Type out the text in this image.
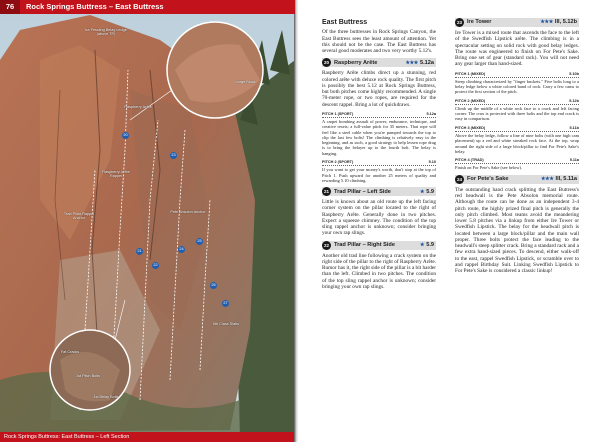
Ira Fessling Belay Ledge (above TP)
Large Block
Raspberry Arête
Raspberry Arête Rappel
Trad Pillar Rappel Anchor
Pete Absolon Anchor
5th Class Slabs
Fat Cracks
1st Pitch Bolts
1st Belay Bolts
20
21
22
23
24
25
26
27
Rock Springs Buttress: East Buttress – Left Section
76	Rock Springs Buttress – East Buttress
East Buttress

Of the three buttresses in Rock Springs Canyon, the East Buttress sees the least amount of attention. Yet this should not be the case. The East Buttress has several good moderates and two very worthy 5.12's.

20 Raspberry Arête	★★★ 5.12a

Raspberry Arête climbs direct up a stunning, red colored arête with deluxe rock quality. The first pitch is possibly the best 5.12 at Rock Springs Buttress, but both pitches come highly recommended. A single 70-meter rope, or two ropes, are required for the descent rappel. Bring a lot of quickdraws.

PITCH 1 (SPORT)	5.12a

A carpet bombing assault of power, endurance, technique, and creative resets; a full-value pitch for 35 meters. That rope will feel like a steel cable when you're pumped towards the top to clip the last few bolts! The climbing is relatively easy in the beginning, and as such, a good strategy to help lessen rope drag is to bring the belayer up to the fourth bolt. The belay is hanging.

PITCH 2 (SPORT)	5.10

If you want to get your money's worth, don't stop at the top of Pitch 1. Push upward for another 25 meters of quality and rewarding 5.10 climbing.

21 Trad Pillar – Left Side	★ 5.9

Little is known about an old route up the left facing corner system on the pillar located to the right of Raspberry Arête. Generally done in two pitches. Expect a squeeze chimney. The condition of the top sling rappel anchor is unknown; consider bringing your own rap slings.

22 Trad Pillar – Right Side	★ 5.9

Another old trad line following a crack system on the right side of the pillar to the right of Raspberry Arête. Rumor has it, the right side of the pillar is a bit harder than the left. Climbed in two pitches. The condition of the top sling rappel anchor is unknown; consider bringing your own rap slings.

23 Ire Tower	★★★ III, 5.12b

Ire Tower is a mixed route that ascends the face to the left of the Swedfish Lipstick arête. The climbing is in a spectacular setting on solid rock with good belay ledges. The route was engineered to finish on For Pete's Sake. Bring one set of gear (standard rack). You will not need any gear larger than hand-sized.

PITCH 1 (MIXED)	5.10b

Steep climbing characterized by "finger buckets." Five bolts long to a belay ledge below a white colored band of rock. Carry a few cams to protect the first section of the pitch.

PITCH 2 (MIXED)	5.12b

Climb up the middle of a white rock face to a crack and left facing corner. The crux is protected with three bolts and the top end crack is easy in comparison.

PITCH 3 (MIXED)	5.11b

Above the belay ledge, follow a line of nine bolts (with one high cam placement) up a red and white streaked rock face. At the top, wrap around the right side of a large block/pillar to find For Pete's Sake's belay.

PITCH 4 (TRAD)	5.11a

Finish on For Pete's Sake (see below).

24 For Pete's Sake	★★★ III, 5.11a

The outstanding hand crack splitting the East Buttress's red headwall is the Pete Absolon memorial route. Although the route can be done as an independent 3-4 pitch route, the highly prized final pitch is generally the only pitch climbed. Most teams avoid the meandering lower 5.8 pitches via a linkup from either Ire Tower or Swedfish Lipstick. The belay for the headwall pitch is located between a large block/pillar and the main wall proper. Three bolts protect the face leading to the headwall's steep splitter crack. Bring a standard rack and a few extra hand-sized pieces. To descend, either walk-off to the east, rappel Swedfish Lipstick, or scramble over to and rappel Birthday Suit. Linking Swedfish Lipstick to For Pete's Sake is considered a classic linkup!
